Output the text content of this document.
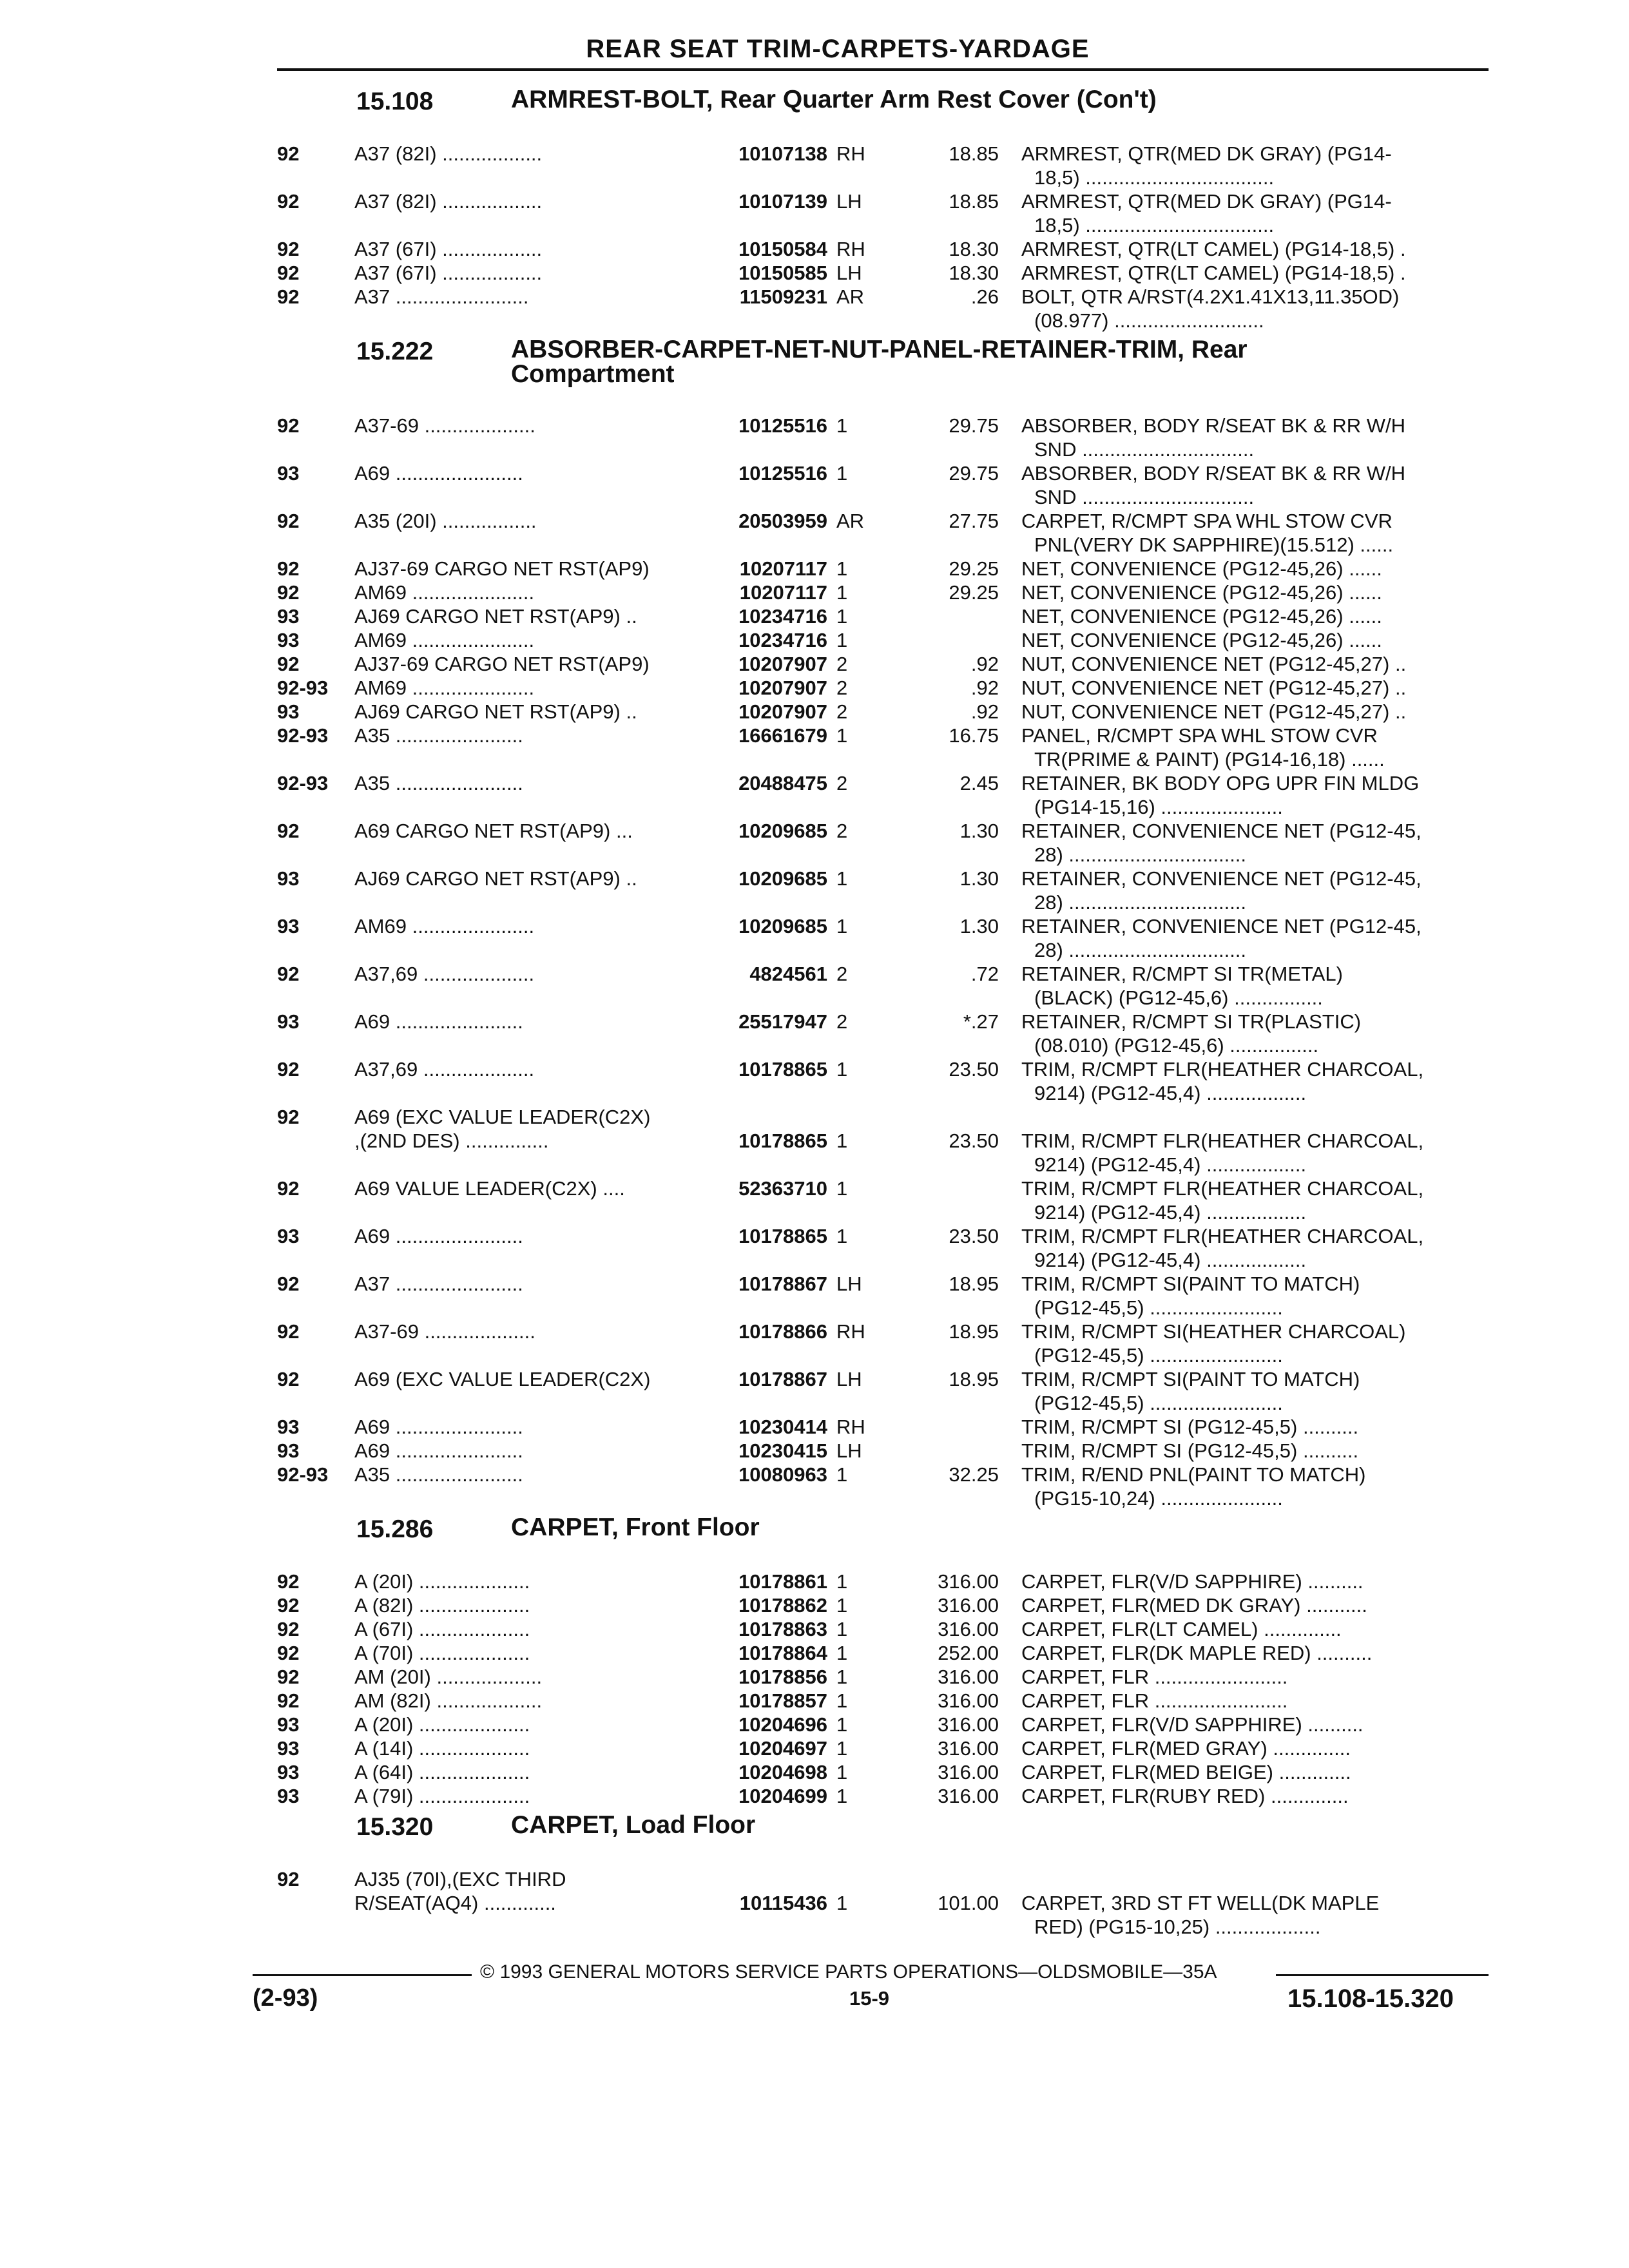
REAR SEAT TRIM-CARPETS-YARDAGE
15.108	ARMREST-BOLT, Rear Quarter Arm Rest Cover (Con't)
92	A37 (82I) ..................	10107138 RH	18.85 ARMREST, QTR(MED DK GRAY) (PG14-
18,5) ..................................
92	A37 (82I) ..................	10107139 LH	18.85 ARMREST, QTR(MED DK GRAY) (PG14-
18,5) ..................................
92	A37 (67I) ..................	10150584 RH	18.30 ARMREST, QTR(LT CAMEL) (PG14-18,5) .
92	A37 (67I) ..................	10150585 LH	18.30 ARMREST, QTR(LT CAMEL) (PG14-18,5) .
92	A37 ........................	11509231 AR	.26 BOLT, QTR A/RST(4.2X1.41X13,11.35OD)
(08.977) ...........................
15.222	ABSORBER-CARPET-NET-NUT-PANEL-RETAINER-TRIM, Rear
Compartment
92	A37-69 ....................	10125516 1	29.75 ABSORBER, BODY R/SEAT BK & RR W/H
SND ...............................
93	A69 .......................	10125516 1	29.75 ABSORBER, BODY R/SEAT BK & RR W/H
SND ...............................
92	A35 (20I) .................	20503959 AR	27.75 CARPET, R/CMPT SPA WHL STOW CVR
PNL(VERY DK SAPPHIRE)(15.512) ......
92	AJ37-69 CARGO NET RST(AP9)	10207117 1	29.25 NET, CONVENIENCE (PG12-45,26) ......
92	AM69 ......................	10207117 1	29.25 NET, CONVENIENCE (PG12-45,26) ......
93	AJ69 CARGO NET RST(AP9) ..	10234716 1	NET, CONVENIENCE (PG12-45,26) ......
93	AM69 ......................	10234716 1	NET, CONVENIENCE (PG12-45,26) ......
92	AJ37-69 CARGO NET RST(AP9)	10207907 2	.92 NUT, CONVENIENCE NET (PG12-45,27) ..
92-93	AM69 ......................	10207907 2	.92 NUT, CONVENIENCE NET (PG12-45,27) ..
93	AJ69 CARGO NET RST(AP9) ..	10207907 2	.92 NUT, CONVENIENCE NET (PG12-45,27) ..
92-93	A35 .......................	16661679 1	16.75 PANEL, R/CMPT SPA WHL STOW CVR
TR(PRIME & PAINT) (PG14-16,18) ......
92-93	A35 .......................	20488475 2	2.45 RETAINER, BK BODY OPG UPR FIN MLDG
(PG14-15,16) ......................
92	A69 CARGO NET RST(AP9) ...	10209685 2	1.30 RETAINER, CONVENIENCE NET (PG12-45,
28) ................................
93	AJ69 CARGO NET RST(AP9) ..	10209685 1	1.30 RETAINER, CONVENIENCE NET (PG12-45,
28) ................................
93	AM69 ......................	10209685 1	1.30 RETAINER, CONVENIENCE NET (PG12-45,
28) ................................
92	A37,69 ....................	4824561 2	.72 RETAINER, R/CMPT SI TR(METAL)
(BLACK) (PG12-45,6) ................
93	A69 .......................	25517947 2	*.27 RETAINER, R/CMPT SI TR(PLASTIC)
(08.010) (PG12-45,6) ................
92	A37,69 ....................	10178865 1	23.50 TRIM, R/CMPT FLR(HEATHER CHARCOAL,
9214) (PG12-45,4) ..................
92	A69 (EXC VALUE LEADER(C2X)
,(2ND DES) ...............	10178865 1	23.50 TRIM, R/CMPT FLR(HEATHER CHARCOAL,
9214) (PG12-45,4) ..................
92	A69 VALUE LEADER(C2X) ....	52363710 1	TRIM, R/CMPT FLR(HEATHER CHARCOAL,
9214) (PG12-45,4) ..................
93	A69 .......................	10178865 1	23.50 TRIM, R/CMPT FLR(HEATHER CHARCOAL,
9214) (PG12-45,4) ..................
92	A37 .......................	10178867 LH	18.95 TRIM, R/CMPT SI(PAINT TO MATCH)
(PG12-45,5) ........................
92	A37-69 ....................	10178866 RH	18.95 TRIM, R/CMPT SI(HEATHER CHARCOAL)
(PG12-45,5) ........................
92	A69 (EXC VALUE LEADER(C2X)	10178867 LH	18.95 TRIM, R/CMPT SI(PAINT TO MATCH)
(PG12-45,5) ........................
93	A69 .......................	10230414 RH	TRIM, R/CMPT SI (PG12-45,5) ..........
93	A69 .......................	10230415 LH	TRIM, R/CMPT SI (PG12-45,5) ..........
92-93	A35 .......................	10080963 1	32.25 TRIM, R/END PNL(PAINT TO MATCH)
(PG15-10,24) ......................
15.286	CARPET, Front Floor
92	A (20I) ....................	10178861 1	316.00 CARPET, FLR(V/D SAPPHIRE) ..........
92	A (82I) ....................	10178862 1	316.00 CARPET, FLR(MED DK GRAY) ...........
92	A (67I) ....................	10178863 1	316.00 CARPET, FLR(LT CAMEL) ..............
92	A (70I) ....................	10178864 1	252.00 CARPET, FLR(DK MAPLE RED) ..........
92	AM (20I) ...................	10178856 1	316.00 CARPET, FLR ........................
92	AM (82I) ...................	10178857 1	316.00 CARPET, FLR ........................
93	A (20I) ....................	10204696 1	316.00 CARPET, FLR(V/D SAPPHIRE) ..........
93	A (14I) ....................	10204697 1	316.00 CARPET, FLR(MED GRAY) ..............
93	A (64I) ....................	10204698 1	316.00 CARPET, FLR(MED BEIGE) .............
93	A (79I) ....................	10204699 1	316.00 CARPET, FLR(RUBY RED) ..............
15.320	CARPET, Load Floor
92	AJ35 (70I),(EXC THIRD
R/SEAT(AQ4) .............	10115436 1	101.00 CARPET, 3RD ST FT WELL(DK MAPLE
RED) (PG15-10,25) ...................
© 1993 GENERAL MOTORS SERVICE PARTS OPERATIONS—OLDSMOBILE—35A
(2-93)	15-9	15.108-15.320
